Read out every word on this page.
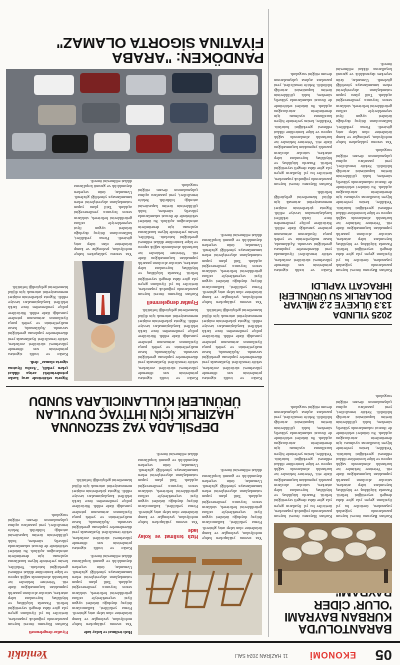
05
EKONOMİ
11 HAZİRAN 2024 SALI
Yeniakit
BARANTOLU'DA
KURBAN BAYRAMI
'OLUR' CİDER

Kurban Bayramı öncesi hayvan pazarlarında yoğunluk yaşanırken, üreticiler bu yıl fiyatların geçen yıla göre daha dengeli seyrettiğini belirtti. Pazarda küçükbaş ve büyükbaş hayvanlara talep artarken, satıcılar alıcıların pazarlık yapmaktan kaçınmadığını ifade etti. Veteriner hekimler ise kurbanlık alımlarında sağlık raporu ve küpe kontrolüne dikkat edilmesi gerektiğini hatırlattı. Yetkililer, kesim yerlerinde hijyen kurallarına uyulması için denetimlerin artırılacağını açıkladı. Su ürünleri sektöründe de ihracat rakamlarında yükseliş sürerken, balık çiftliklerinin üretim kapasitesini artırdığı bildirildi. Sektör temsilcileri, yeni pazarlara açılma çalışmalarının devam ettiğini vurguladı.

Kurban Bayramı öncesi hayvan pazarlarında yoğunluk yaşanırken, üreticiler bu yıl fiyatların geçen yıla göre daha dengeli seyrettiğini belirtti. Pazarda küçükbaş ve büyükbaş hayvanlara talep artarken, satıcılar alıcıların pazarlık yapmaktan kaçınmadığını ifade etti. Veteriner hekimler ise kurbanlık alımlarında sağlık raporu ve küpe kontrolüne dikkat edilmesi gerektiğini hatırlattı. Yetkililer, kesim yerlerinde hijyen kurallarına uyulması için denetimlerin artırılacağını açıkladı. Su ürünleri sektöründe de ihracat rakamlarında yükseliş sürerken, balık çiftliklerinin üretim kapasitesini artırdığı bildirildi. Sektör temsilcileri, yeni pazarlara açılma çalışmalarının devam ettiğini vurguladı.

2025 YILINDA
13.3 ÜLKEYE 2.2 MİLYAR
DOLARLIK SU ÜRÜNLERİ
İHRACATI YAPILDI

Kurban Bayramı öncesi hayvan pazarlarında yoğunluk yaşanırken, üreticiler bu yıl fiyatların geçen yıla göre daha dengeli seyrettiğini belirtti. Pazarda küçükbaş ve büyükbaş hayvanlara talep artarken, satıcılar alıcıların pazarlık yapmaktan kaçınmadığını ifade etti. Veteriner hekimler ise kurbanlık alımlarında sağlık raporu ve küpe kontrolüne dikkat edilmesi gerektiğini hatırlattı. Yetkililer, kesim yerlerinde hijyen kurallarına uyulması için denetimlerin artırılacağını açıkladı. Su ürünleri sektöründe de ihracat rakamlarında yükseliş sürerken, balık çiftliklerinin üretim kapasitesini artırdığı bildirildi. Sektör temsilcileri, yeni pazarlara açılma çalışmalarının devam ettiğini vurguladı.

Yaz sezonu yaklaşırken bahçe mobilyaları, şezlonglar ve kamp ürünlerine olan talep artış gösterdi. Firma yetkilileri, kullanıcıların ihtiyaç duyduğu ürünleri uygun fiyat seçenekleriyle raflara getirdiklerini belirterek, stokların sezon boyunca yenileneceğini açıkladı. Tatil planı yapan vatandaşların alışverişlerini erken tamamlamaya yöneldiği gözlendi. Uzmanlar, ürün seçerken dayanıklılık ve garanti koşullarına dikkat edilmesini önerdi.

Kasko ve trafik sigortası primlerinin son dönemde yükselmesi sürücüleri zorlarken, sektör temsilcileri fiyatlamada yeni düzenlemeler yapılması gerektiğini savundu. Açıklamada, hasar maliyetlerinin ve yedek parça fiyatlarının artmasının primlere yansıdığı ifade edildi. Sürücülere poliçe yenilemeden önce farklı teklifleri karşılaştırmaları tavsiye edildi. Sigorta şirketlerinin müşteri memnuniyetini artırmak için dijital hizmetlerini geliştirdiği belirtildi.

Kurban Bayramı öncesi hayvan pazarlarında yoğunluk yaşanırken, üreticiler bu yıl fiyatların geçen yıla göre daha dengeli seyrettiğini belirtti. Pazarda küçükbaş ve büyükbaş hayvanlara talep artarken, satıcılar alıcıların pazarlık yapmaktan kaçınmadığını ifade etti. Veteriner hekimler ise kurbanlık alımlarında sağlık raporu ve küpe kontrolüne dikkat edilmesi gerektiğini hatırlattı. Yetkililer, kesim yerlerinde hijyen kurallarına uyulması için denetimlerin artırılacağını açıkladı. Su ürünleri sektöründe de ihracat rakamlarında yükseliş sürerken, balık çiftliklerinin üretim kapasitesini artırdığı bildirildi. Sektör temsilcileri, yeni pazarlara açılma çalışmalarının devam ettiğini vurguladı.

Yaz sezonu yaklaşırken bahçe mobilyaları, şezlonglar ve kamp ürünlerine olan talep artış gösterdi. Firma yetkilileri, kullanıcıların ihtiyaç duyduğu ürünleri uygun fiyat seçenekleriyle raflara getirdiklerini belirterek, stokların sezon boyunca yenileneceğini açıkladı. Tatil planı yapan vatandaşların alışverişlerini erken tamamlamaya yöneldiği gözlendi. Uzmanlar, ürün seçerken dayanıklılık ve garanti koşullarına dikkat edilmesini önerdi.

Hızlı teslimat ve kolay iade

Yaz sezonu yaklaşırken bahçe mobilyaları, şezlonglar ve kamp ürünlerine olan talep artış gösterdi. Firma yetkilileri, kullanıcıların ihtiyaç duyduğu ürünleri uygun fiyat seçenekleriyle raflara getirdiklerini belirterek, stokların sezon boyunca yenileneceğini açıkladı. Tatil planı yapan vatandaşların alışverişlerini erken tamamlamaya yöneldiği gözlendi. Uzmanlar, ürün seçerken dayanıklılık ve garanti koşullarına dikkat edilmesini önerdi.

DEPSİLADA YAZ SEZONUNA
HAZIRLIK İÇİN İHTİYAÇ DUYULAN
ÜRÜNLERİ KULLANICILARA SUNDU

Hızlı teslimat ve kolay iade

Yaz sezonu yaklaşırken bahçe mobilyaları, şezlonglar ve kamp ürünlerine olan talep artış gösterdi. Firma yetkilileri, kullanıcıların ihtiyaç duyduğu ürünleri uygun fiyat seçenekleriyle raflara getirdiklerini belirterek, stokların sezon boyunca yenileneceğini açıkladı. Tatil planı yapan vatandaşların alışverişlerini erken tamamlamaya yöneldiği gözlendi. Uzmanlar, ürün seçerken dayanıklılık ve garanti koşullarına dikkat edilmesini önerdi.

Kasko ve trafik sigortası primlerinin son dönemde yükselmesi sürücüleri zorlarken, sektör temsilcileri fiyatlamada yeni düzenlemeler yapılması gerektiğini savundu. Açıklamada, hasar maliyetlerinin ve yedek parça fiyatlarının artmasının primlere yansıdığı ifade edildi. Sürücülere poliçe yenilemeden önce farklı teklifleri karşılaştırmaları tavsiye edildi. Sigorta şirketlerinin müşteri memnuniyetini artırmak için dijital hizmetlerini geliştirdiği belirtildi.

Fiyatlar dengelenmeli

Kurban Bayramı öncesi hayvan pazarlarında yoğunluk yaşanırken, üreticiler bu yıl fiyatların geçen yıla göre daha dengeli seyrettiğini belirtti. Pazarda küçükbaş ve büyükbaş hayvanlara talep artarken, satıcılar alıcıların pazarlık yapmaktan kaçınmadığını ifade etti. Veteriner hekimler ise kurbanlık alımlarında sağlık raporu ve küpe kontrolüne dikkat edilmesi gerektiğini hatırlattı. Yetkililer, kesim yerlerinde hijyen kurallarına uyulması için denetimlerin artırılacağını açıkladı. Su ürünleri sektöründe de ihracat rakamlarında yükseliş sürerken, balık çiftliklerinin üretim kapasitesini artırdığı bildirildi. Sektör temsilcileri, yeni pazarlara açılma çalışmalarının devam ettiğini vurguladı.

Kasko ve trafik sigortası primlerinin son dönemde yükselmesi sürücüleri zorlarken, sektör temsilcileri fiyatlamada yeni düzenlemeler yapılması gerektiğini savundu. Açıklamada, hasar maliyetlerinin ve yedek parça fiyatlarının artmasının primlere yansıdığı ifade edildi. Sürücülere poliçe yenilemeden önce farklı teklifleri karşılaştırmaları tavsiye edildi. Sigorta şirketlerinin müşteri memnuniyetini artırmak için dijital hizmetlerini geliştirdiği belirtildi.

Yaz sezonu yaklaşırken bahçe mobilyaları, şezlonglar ve kamp ürünlerine olan talep artış gösterdi. Firma yetkilileri, kullanıcıların ihtiyaç duyduğu ürünleri uygun fiyat seçenekleriyle raflara getirdiklerini belirterek, stokların sezon boyunca yenileneceğini açıkladı. Tatil planı yapan vatandaşların alışverişlerini erken tamamlamaya yöneldiği gözlendi. Uzmanlar, ürün seçerken dayanıklılık ve garanti koşullarına dikkat edilmesini önerdi.

Kasko ve trafik sigortası primlerinin son dönemde yükselmesi sürücüleri zorlarken, sektör temsilcileri fiyatlamada yeni düzenlemeler yapılması gerektiğini savundu. Açıklamada, hasar maliyetlerinin ve yedek parça fiyatlarının artmasının primlere yansıdığı ifade edildi. Sürücülere poliçe yenilemeden önce farklı teklifleri karşılaştırmaları tavsiye edildi. Sigorta şirketlerinin müşteri memnuniyetini artırmak için dijital hizmetlerini geliştirdiği belirtildi.

Fiyatlar dengelenmeli

Kurban Bayramı öncesi hayvan pazarlarında yoğunluk yaşanırken, üreticiler bu yıl fiyatların geçen yıla göre daha dengeli seyrettiğini belirtti. Pazarda küçükbaş ve büyükbaş hayvanlara talep artarken, satıcılar alıcıların pazarlık yapmaktan kaçınmadığını ifade etti. Veteriner hekimler ise kurbanlık alımlarında sağlık raporu ve küpe kontrolüne dikkat edilmesi gerektiğini hatırlattı. Yetkililer, kesim yerlerinde hijyen kurallarına uyulması için denetimlerin artırılacağını açıkladı. Su ürünleri sektöründe de ihracat rakamlarında yükseliş sürerken, balık çiftliklerinin üretim kapasitesini artırdığı bildirildi. Sektör temsilcileri, yeni pazarlara açılma çalışmalarının devam ettiğini vurguladı.

Sigorta sektöründe araç kasko primlerindeki artışa dikkat çeken yetkili, "Araba fiyatına sigorta olamaz" dedi.

Kasko ve trafik sigortası primlerinin son dönemde yükselmesi sürücüleri zorlarken, sektör temsilcileri fiyatlamada yeni düzenlemeler yapılması gerektiğini savundu. Açıklamada, hasar maliyetlerinin ve yedek parça fiyatlarının artmasının primlere yansıdığı ifade edildi. Sürücülere poliçe yenilemeden önce farklı teklifleri karşılaştırmaları tavsiye edildi. Sigorta şirketlerinin müşteri memnuniyetini artırmak için dijital hizmetlerini geliştirdiği belirtildi.

Yaz sezonu yaklaşırken bahçe mobilyaları, şezlonglar ve kamp ürünlerine olan talep artış gösterdi. Firma yetkilileri, kullanıcıların ihtiyaç duyduğu ürünleri uygun fiyat seçenekleriyle raflara getirdiklerini belirterek, stokların sezon boyunca yenileneceğini açıkladı. Tatil planı yapan vatandaşların alışverişlerini erken tamamlamaya yöneldiği gözlendi. Uzmanlar, ürün seçerken dayanıklılık ve garanti koşullarına dikkat edilmesini önerdi.

PANDÖKEN: "ARABA
FİYATINA SİGORTA OLAMAZ"
